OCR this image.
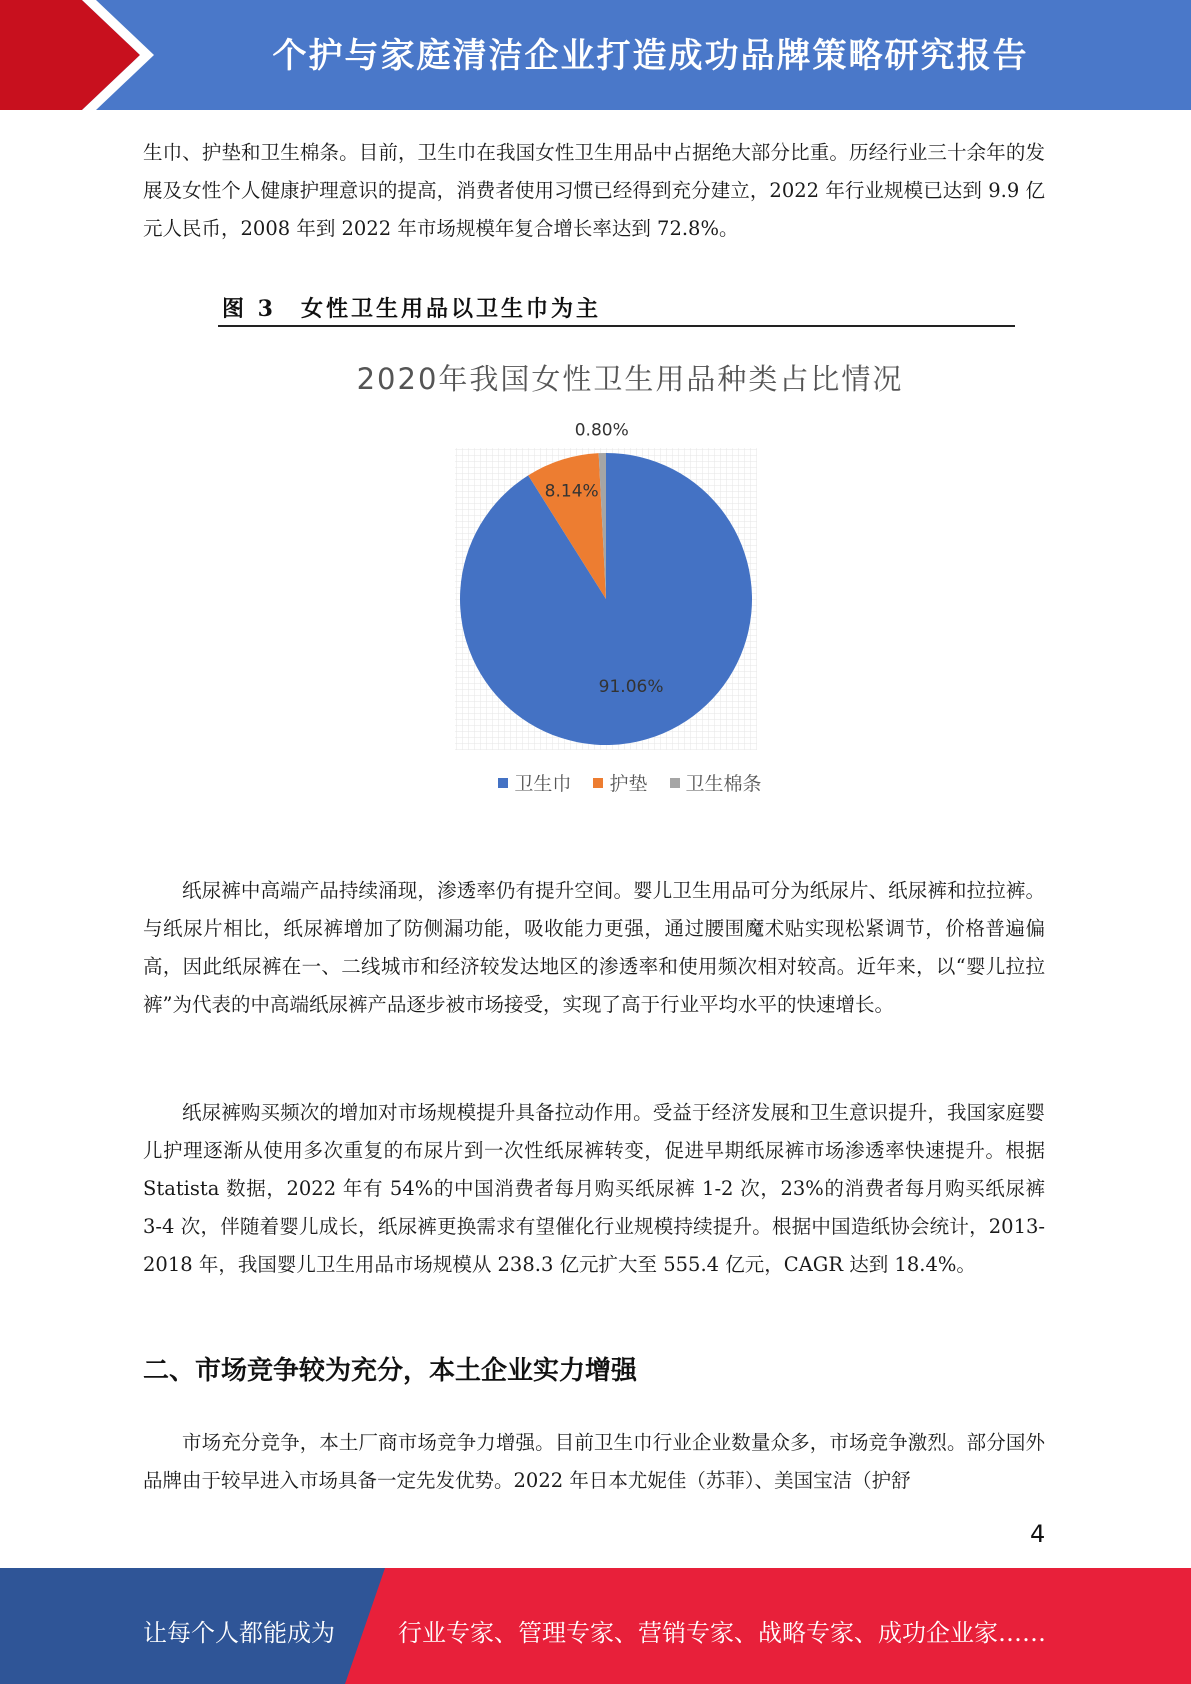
个护与家庭清洁企业打造成功品牌策略研究报告

生巾、护垫和卫生棉条。目前，卫生巾在我国女性卫生用品中占据绝大部分比重。历经行业三十余年的发展及女性个人健康护理意识的提高，消费者使用习惯已经得到充分建立，2022 年行业规模已达到 9.9 亿元人民币，2008 年到 2022 年市场规模年复合增长率达到 72.8%。

图 3　女性卫生用品以卫生巾为主
2020年我国女性卫生用品种类占比情况
91.06%
8.14%
0.80%
卫生巾 护垫 卫生棉条

纸尿裤中高端产品持续涌现，渗透率仍有提升空间。婴儿卫生用品可分为纸尿片、纸尿裤和拉拉裤。与纸尿片相比，纸尿裤增加了防侧漏功能，吸收能力更强，通过腰围魔术贴实现松紧调节，价格普遍偏高，因此纸尿裤在一、二线城市和经济较发达地区的渗透率和使用频次相对较高。近年来，以“婴儿拉拉裤”为代表的中高端纸尿裤产品逐步被市场接受，实现了高于行业平均水平的快速增长。

纸尿裤购买频次的增加对市场规模提升具备拉动作用。受益于经济发展和卫生意识提升，我国家庭婴儿护理逐渐从使用多次重复的布尿片到一次性纸尿裤转变，促进早期纸尿裤市场渗透率快速提升。根据 Statista 数据，2022 年有 54%的中国消费者每月购买纸尿裤 1-2 次，23%的消费者每月购买纸尿裤 3-4 次，伴随着婴儿成长，纸尿裤更换需求有望催化行业规模持续提升。根据中国造纸协会统计，2013-2018 年，我国婴儿卫生用品市场规模从 238.3 亿元扩大至 555.4 亿元，CAGR 达到 18.4%。

二、市场竞争较为充分，本土企业实力增强

市场充分竞争，本土厂商市场竞争力增强。目前卫生巾行业企业数量众多，市场竞争激烈。部分国外品牌由于较早进入市场具备一定先发优势。2022 年日本尤妮佳（苏菲）、美国宝洁（护舒

4
让每个人都能成为	行业专家、管理专家、营销专家、战略专家、成功企业家……
